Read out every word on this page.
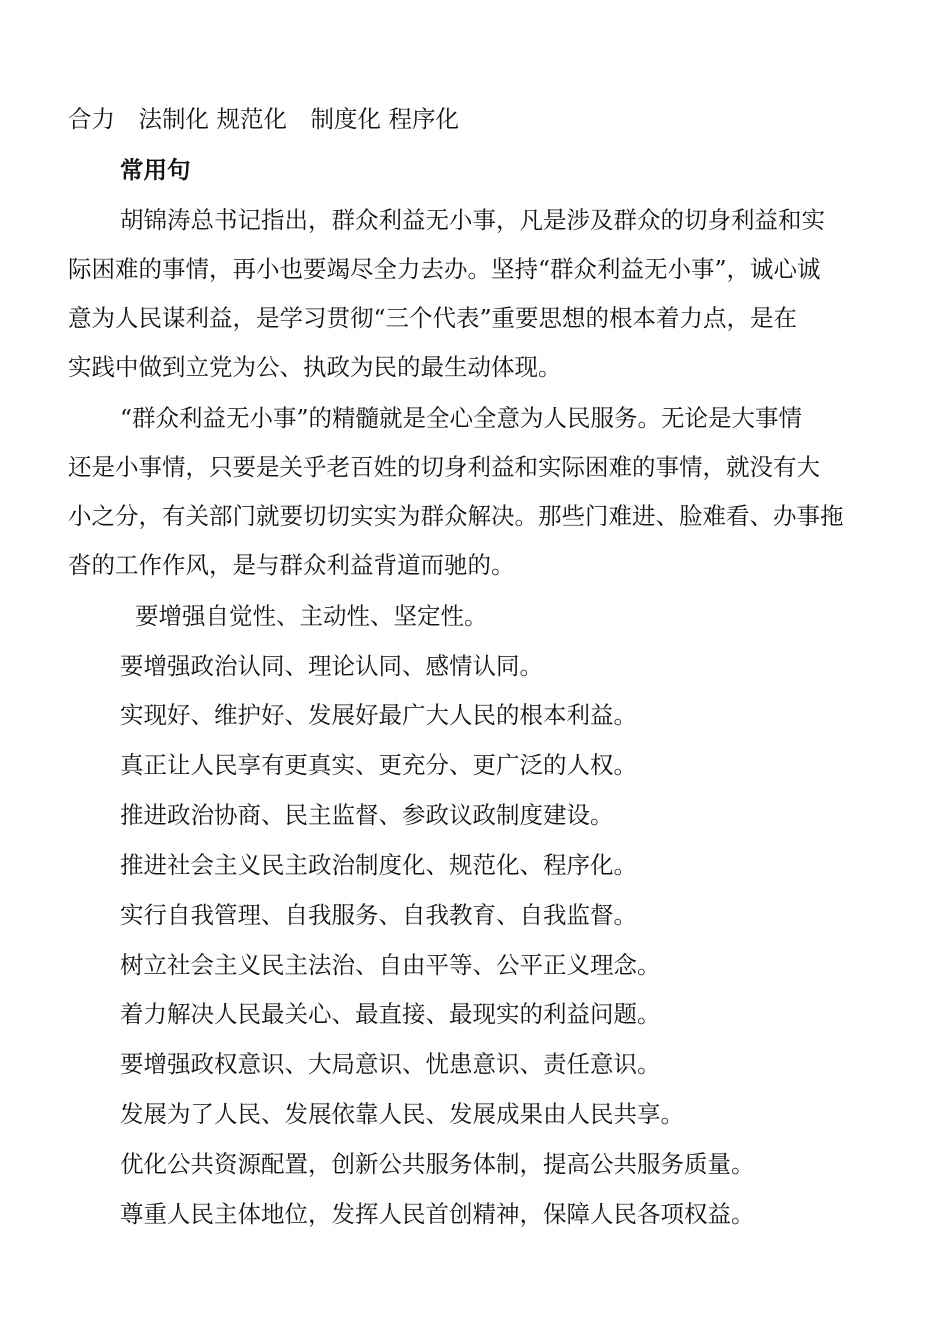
合力　法制化 规范化　制度化 程序化
常用句
胡锦涛总书记指出，群众利益无小事，凡是涉及群众的切身利益和实
际困难的事情，再小也要竭尽全力去办。坚持“群众利益无小事”，诚心诚
意为人民谋利益，是学习贯彻“三个代表”重要思想的根本着力点，是在
实践中做到立党为公、执政为民的最生动体现。
“群众利益无小事”的精髓就是全心全意为人民服务。无论是大事情
还是小事情，只要是关乎老百姓的切身利益和实际困难的事情，就没有大
小之分，有关部门就要切切实实为群众解决。那些门难进、脸难看、办事拖
沓的工作作风，是与群众利益背道而驰的。
要增强自觉性、主动性、坚定性。
要增强政治认同、理论认同、感情认同。
实现好、维护好、发展好最广大人民的根本利益。
真正让人民享有更真实、更充分、更广泛的人权。
推进政治协商、民主监督、参政议政制度建设。
推进社会主义民主政治制度化、规范化、程序化。
实行自我管理、自我服务、自我教育、自我监督。
树立社会主义民主法治、自由平等、公平正义理念。
着力解决人民最关心、最直接、最现实的利益问题。
要增强政权意识、大局意识、忧患意识、责任意识。
发展为了人民、发展依靠人民、发展成果由人民共享。
优化公共资源配置，创新公共服务体制，提高公共服务质量。
尊重人民主体地位，发挥人民首创精神，保障人民各项权益。
